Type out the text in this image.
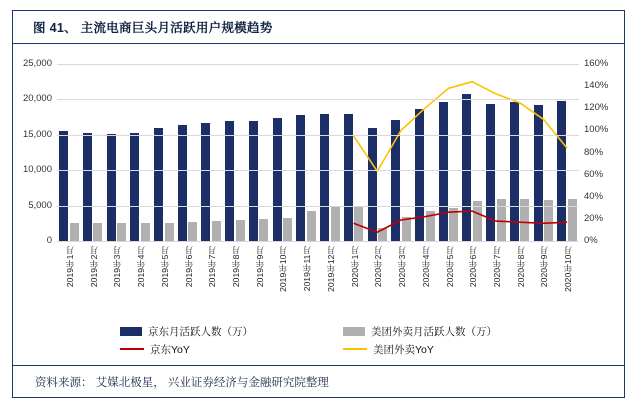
图 41、 主流电商巨头月活跃用户规模趋势
0
5,000
10,000
15,000
20,000
25,000
0%
20%
40%
60%
80%
100%
120%
140%
160%
2019年1月 2019年2月 2019年3月 2019年4月 2019年5月 2019年6月 2019年7月 2019年8月 2019年9月 2019年10月 2019年11月 2019年12月 2020年1月 2020年2月 2020年3月 2020年4月 2020年5月 2020年6月 2020年7月 2020年8月 2020年9月 2020年10月
京东月活跃人数（万）	美团外卖月活跃人数（万）
京东YoY	美团外卖YoY
资料来源： 艾媒北极星， 兴业证券经济与金融研究院整理
